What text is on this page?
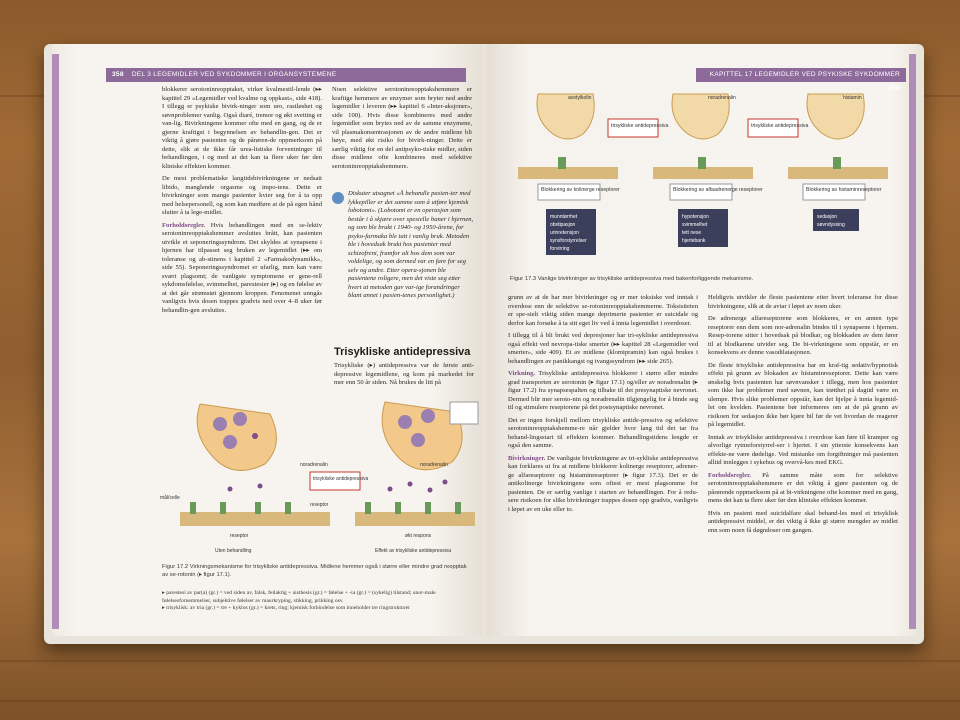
358 DEL 3 LEGEMIDLER VED SYKDOMMER I ORGANSYSTEMENE

blokkerer serotoninreopptaket, virker kvalmestil-lende (▸▸ kapittel 29 «Legemidler ved kvalme og oppkast», side 418). I tillegg er psykiske bivirk-ninger som uro, rastløshet og søvnproblemer vanlig. Også diaré, tremor og økt svetting er van-lig. Bivirkningene kommer ofte med en gang, og de er gjerne kraftigst i begynnelsen av behandlin-gen. Det er viktig å gjøre pasienten og de pårøren-de oppmerksom på dette, slik at de ikke får urea-listiske forventninger til behandlingen, i og med at det kan ta flere uker før den kliniske effekten kommer.

De mest problematiske langtidsbivirkningene er nedsatt libido, manglende orgasme og impo-tens. Dette er bivirkninger som mange pasienter kvier seg for å ta opp med helsepersonell, og som kan medføre at de på egen hånd slutter å ta lege-midlet.

Forholdsregler. Hvis behandlingen med en se-lektiv serotoninreopptakshemmer avsluttes brått, kan pasienten utvikle et seponeringssyndrom. Det skyldes at synapsene i hjernen har tilpasset seg bruken av legemidlet (▸▸ om toleranse og ab-stinens i kapittel 2 «Farmakodynamikk», side 55). Seponeringssyndromet er ufarlig, men kan være svært plagsomt; de vanligste symptomene er gene-rell sykdomsfølelse, svimmelhet, parestesier (▸) og en følelse av at det går strømstøt gjennom kroppen. Fenomenet unngås vanligvis hvis dosen trappes gradvis ned over 4–8 uker før behandlin-gen avsluttes.

Noen selektive serotoninreopptakshemmere er kraftige hemmere av enzymer som bryter ned andre legemidler i leveren (▸▸ kapittel 6 «Inter-aksjoner», side 100). Hvis disse kombineres med andre legemidler som brytes ned av de samme enzymene, vil plasmakonsentrasjonen av de andre midlene bli høye, med økt risiko for bivirk-ninger. Dette er særlig viktig for en del antipsyko-tiske midler, siden disse midlene ofte kombineres med selektive serotoninreopptakshemmere.

Diskuter utsagnet «Å behandle pasien-ter med lykkepiller er det samme som å utføre kjemisk lobotomi». (Lobotomi er en operasjon som består i å skjære over spesielle baner i hjernen, og som ble brukt i 1940- og 1950-årene, for psyko-farmaka ble tatt i vanlig bruk. Metoden ble i hovedsak brukt hos pasienter med schizofreni, framfor alt hos dem som var voldelige, og som dermed var en fare for seg selv og andre. Etter opera-sjonen ble pasientene roligere, men det viste seg etter hvert at metoden gav var-ige forandringer blant annet i pasien-tenes personlighet.)
Trisykliske antidepressiva

Trisykliske (▸) antidepressiva var de første anti-depressive legemidlene, og kom på markedet for mer enn 50 år siden. Nå brukes de litt på

noradrenalin
mål/celle
reseptor
reseptor
Uten behandling
trisykliske antidepressiva
noradrenalin
økt respons
Effekt av trisykliske antidepressiva
Figur 17.2 Virkningsmekanisme for trisykliske antidepressiva. Midlene hemmer også i større eller mindre grad reopptak av se-rotonin (▸ figur 17.1).
▸ parestesi av par(a) (gr.) = ved siden av, falsk, feilaktig + aisthesis (gr.) = følelse + -ia (gr.) = (sykelig) tilstand; unor-male følelsesfornemmelser, subjektive følelser av maurkryping, stikking, prikking osv.
▸ trisyklisk: av tria (gr.) = tre + kyklos (gr.) = krets, ring; kjemisk forbindelse som inneholder tre ringstrukturer
KAPITTEL 17 LEGEMIDLER VED PSYKISKE SYKDOMMER 359
acetylkolin
Blokkering av kolinerge reseptorer
munntørrhet
obstipasjon
urinretensjon
synsforstyrrelser
forvirring
trisykliske antidepressiva
noradrenalin
Blokkering av alfaadrenerge reseptorer
hypotensjon
svimmelhet
tett nese
hjertebank
trisykliske antidepressiva
histamin
Blokkering av histaminreseptorer
sedasjon
søvndyssing
Figur 17.3 Vanlige bivirkninger av trisykliske antidepressiva med bakenforliggende mekanisme.

grunn av at de har mer bivirkninger og er mer toksiske ved inntak i overdose enn de selektive se-rotoninreopptakshemmerne. Toksisiteten er spe-sielt viktig siden mange deprimerte pasienter er suicidale og derfor kan forsøke å ta sitt eget liv ved å innta legemidlet i overdoser.

I tillegg til å bli brukt ved depresjoner har tri-sykliske antidepressiva også effekt ved nevropa-tiske smerter (▸▸ kapittel 28 «Legemidler ved smerter», side 409). Et av midlene (klomipramin) kan også brukes i behandlingen av panikkangst og tvangssyndrom (▸▸ side 265).

Virkning. Trisykliske antidepressiva blokkerer i større eller mindre grad transporten av serotonin (▸ figur 17.1) og/eller av noradrenalin (▸ figur 17.2) fra synapsespalten og tilbake til det presynaptiske nevronet. Dermed blir mer seroto-nin og noradrenalin tilgjengelig for å binde seg til og stimulere reseptorene på det postsynaptiske nevronet.

Det er ingen forskjell mellom trisykliske antide-pressiva og selektive serotoninreopptakshemme-re når gjelder hvor lang tid det tar fra behand-lingsstart til effekten kommer. Behandlingstidens lengde er også den samme.

Bivirkninger. De vanligste bivirkningene av tri-sykliske antidepressiva kan forklares ut fra at midlene blokkerer kolinerge reseptorer, adrener-ge alfareseptorer og histaminreseptorer (▸ figur 17.3). Det er de antikolinerge bivirkningene som oftest er mest plagsomme for pasienten. De er særlig vanlige i starten av behandlingen. For å redu-sere risikoen for slike bivirkninger trappes dosen opp gradvis, vanligvis i løpet av en uke eller to.

Heldigvis utvikler de fleste pasientene etter hvert toleranse for disse bivirkningene, slik at de avtar i løpet av noen uker.

De adrenerge alfareseptorene som blokkeres, er en annen type reseptorer enn dem som nor-adrenalin bindes til i synapsene i hjernen. Resep-torene sitter i hovedsak på blodkar, og blokkaden av dem fører til at blodkarene utvider seg. De bi-virkningene som oppstår, er en konsekvens av denne vasodilatasjonen.

De fleste trisykliske antidepressiva har en kraf-tig sedativ/hypnotisk effekt på grunn av blokaden av histaminreseptorer. Dette kan være ønskelig hvis pasienten har søvnvansker i tillegg, men hos pasienter som ikke har problemer med søvnen, kan trøtthet på dagtid være en ulempe. Hvis slike problemer oppstår, kan det hjelpe å innta legemid-let om kvelden. Pasientene bør informeres om at de på grunn av risikoen for sedasjon ikke bør kjøre bil før de vet hvordan de reagerer på legemidlet.

Inntak av trisykliske antidepressiva i overdose kan føre til kramper og alvorlige rytmeforstyrrel-ser i hjertet. I sin ytterste konsekvens kan effekte-ne være dødelige. Ved mistanke om forgiftninger må pasienten alltid innlegges i sykehus og overvå-kes med EKG.

Forholdsregler. På samme måte som for selektive serotoninreopptakshemmere er det viktig å gjøre pasienten og de pårørende oppmerksom på at bi-virkningene ofte kommer med en gang, mens det kan ta flere uker før den kliniske effekten kommer.

Hvis en pasient med suicidalfare skal behand-les med et trisyklisk antidepressivt middel, er det viktig å ikke gi større mengder av midlet enn som noen få døgndoser om gangen.
